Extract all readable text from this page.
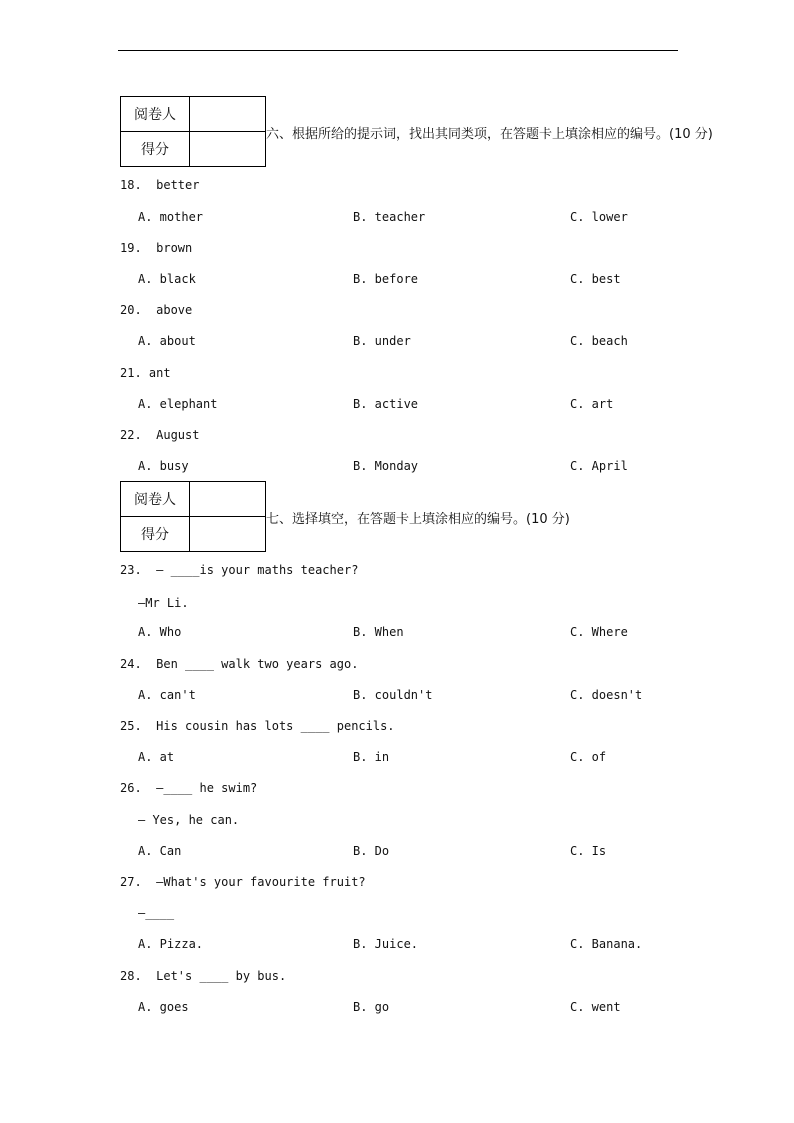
阅卷人	
得分	
六、根据所给的提示词，找出其同类项，在答题卡上填涂相应的编号。(10 分)
18.  better
A. mother	B. teacher	C. lower
19.  brown
A. black	B. before	C. best
20.  above
A. about	B. under	C. beach
21. ant
A. elephant	B. active	C. art
22.  August
A. busy	B. Monday	C. April
阅卷人	
得分	
七、选择填空，在答题卡上填涂相应的编号。(10 分)
23.  — ____is your maths teacher?
—Mr Li.
A. Who	B. When	C. Where
24.  Ben ____ walk two years ago.
A. can't	B. couldn't	C. doesn't
25.  His cousin has lots ____ pencils.
A. at	B. in	C. of
26.  —____ he swim?
— Yes, he can.
A. Can	B. Do	C. Is
27.  —What's your favourite fruit?
—____
A. Pizza.	B. Juice.	C. Banana.
28.  Let's ____ by bus.
A. goes	B. go	C. went
